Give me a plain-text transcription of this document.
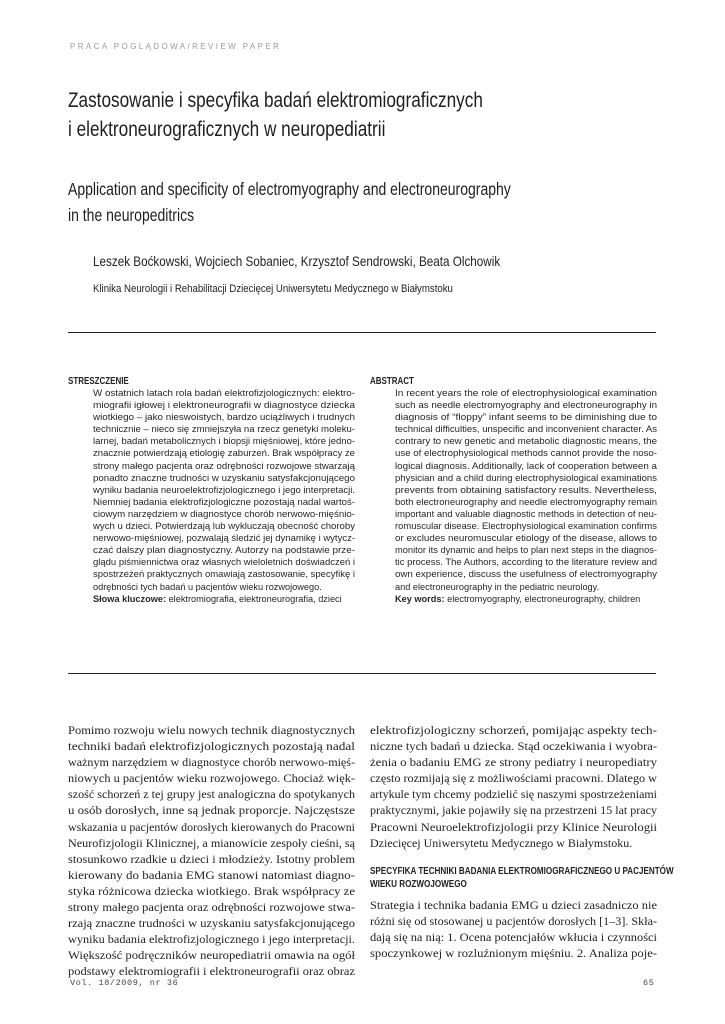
PRACA POGLĄDOWA/REVIEW PAPER
Zastosowanie i specyfika badań elektromiograficznych
i elektroneurograficznych w neuropediatrii
Application and specificity of electromyography and electroneurography
in the neuropeditrics
Leszek Boćkowski, Wojciech Sobaniec, Krzysztof Sendrowski, Beata Olchowik
Klinika Neurologii i Rehabilitacji Dziecięcej Uniwersytetu Medycznego w Białymstoku
STRESZCZENIE
W ostatnich latach rola badań elektrofizjologicznych: elektro-
miografii igłowej i elektroneurografii w diagnostyce dziecka
wiotkiego – jako nieswoistych, bardzo uciążliwych i trudnych
technicznie – nieco się zmniejszyła na rzecz genetyki moleku-
larnej, badań metabolicznych i biopsji mięśniowej, które jedno-
znacznie potwierdzają etiologię zaburzeń. Brak współpracy ze
strony małego pacjenta oraz odrębności rozwojowe stwarzają
ponadto znaczne trudności w uzyskaniu satysfakcjonującego
wyniku badania neuroelektrofizjologicznego i jego interpretacji.
Niemniej badania elektrofizjologiczne pozostają nadal wartoś-
ciowym narzędziem w diagnostyce chorób nerwowo-mięśnio-
wych u dzieci. Potwierdzają lub wykluczają obecność choroby
nerwowo-mięśniowej, pozwalają śledzić jej dynamikę i wytycz-
czać dalszy plan diagnostyczny. Autorzy na podstawie prze-
glądu piśmiennictwa oraz własnych wieloletnich doświadczeń i
spostrzeżeń praktycznych omawiają zastosowanie, specyfikę i
odrębności tych badań u pacjentów wieku rozwojowego.
Słowa kluczowe: elektromiografia, elektroneurografia, dzieci
ABSTRACT
In recent years the role of electrophysiological examination
such as needle electromyography and electroneurography in
diagnosis of “floppy” infant seems to be diminishing due to
technical difficulties, unspecific and inconvenient character. As
contrary to new genetic and metabolic diagnostic means, the
use of electrophysiological methods cannot provide the noso-
logical diagnosis. Additionally, lack of cooperation between a
physician and a child during electrophysiological examinations
prevents from obtaining satisfactory results. Nevertheless,
both electroneurography and needle electromyography remain
important and valuable diagnostic methods in detection of neu-
romuscular disease. Electrophysiological examination confirms
or excludes neuromuscular etiology of the disease, allows to
monitor its dynamic and helps to plan next steps in the diagnos-
tic process. The Authors, according to the literature review and
own experience, discuss the usefulness of electromyography
and electroneurography in the pediatric neurology.
Key words: electromyography, electroneurography, children
Pomimo rozwoju wielu nowych technik diagnostycznych
techniki badań elektrofizjologicznych pozostają nadal
ważnym narzędziem w diagnostyce chorób nerwowo-mięś-
niowych u pacjentów wieku rozwojowego. Chociaż więk-
szość schorzeń z tej grupy jest analogiczna do spotykanych
u osób dorosłych, inne są jednak proporcje. Najczęstsze
wskazania u pacjentów dorosłych kierowanych do Pracowni
Neurofizjologii Klinicznej, a mianowicie zespoły cieśni, są
stosunkowo rzadkie u dzieci i młodzieży. Istotny problem
kierowany do badania EMG stanowi natomiast diagno-
styka różnicowa dziecka wiotkiego. Brak współpracy ze
strony małego pacjenta oraz odrębności rozwojowe stwa-
rzają znaczne trudności w uzyskaniu satysfakcjonującego
wyniku badania elektrofizjologicznego i jego interpretacji.
Większość podręczników neuropediatrii omawia na ogół
podstawy elektromiografii i elektroneurografii oraz obraz
elektrofizjologiczny schorzeń, pomijając aspekty tech-
niczne tych badań u dziecka. Stąd oczekiwania i wyobra-
żenia o badaniu EMG ze strony pediatry i neuropediatry
często rozmijają się z możliwościami pracowni. Dlatego w
artykule tym chcemy podzielić się naszymi spostrzeżeniami
praktycznymi, jakie pojawiły się na przestrzeni 15 lat pracy
Pracowni Neuroelektrofizjologii przy Klinice Neurologii
Dziecięcej Uniwersytetu Medycznego w Białymstoku.
SPECYFIKA TECHNIKI BADANIA ELEKTROMIOGRAFICZNEGO U PACJENTÓW
WIEKU ROZWOJOWEGO
Strategia i technika badania EMG u dzieci zasadniczo nie
różni się od stosowanej u pacjentów dorosłych [1–3]. Skła-
dają się na nią: 1. Ocena potencjałów wkłucia i czynności
spoczynkowej w rozluźnionym mięśniu. 2. Analiza poje-
Vol. 18/2009, nr 36	65
